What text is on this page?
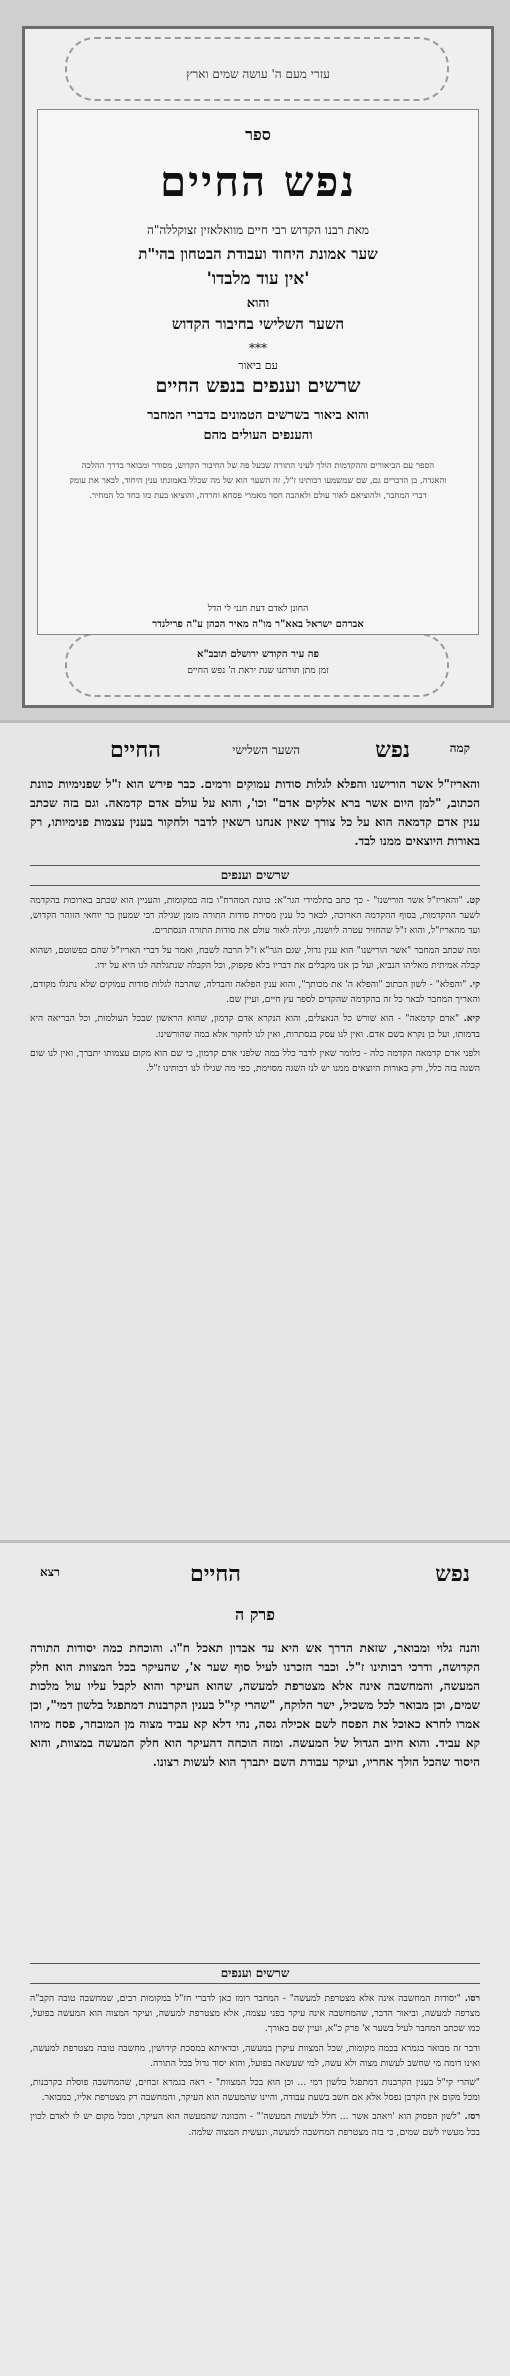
עזרי מעם ה' עושה שמים וארץ
ספר
נפש החיים
מאת רבנו הקדוש רבי חיים מוואלאזין זצוקללה"ה
שער אמונת היחוד ועבודת הבטחון בהי"ת
'אין עוד מלבדו'
והוא
השער השלישי בחיבור הקדוש
***
עם ביאור
שרשים וענפים בנפש החיים
והוא ביאור בשרשים הטמונים בדברי המחבר
והענפים העולים מהם
הספר עם הביאורים וההקדמות הולך לעיני התורה שבעל פה של החיבור הקדוש, מסודר ומבואר בדרך ההלכה והאגדה, בן הדברים גם, שם שמשמעו רבותינו ז"ל, זה השער הוא של מה שכלל באמונתו ענין היחוד, לבאר את עומק דברי המחבר, ולהוציאם לאור עולם ולאהבה חסד מאמרי פסחא וחרדה, והוציאו בעת כזו בחד כל המחיר.
החונן לאדם דעת חנני לי הדל
אברהם ישראל באא"ר מו"ה מאיר הכהן ע"ה פרילנדר
פה עיר הקודש ירושלם תובב"א
זמן מתן תורתנו שנת יראת ה' נפש החיים
קמה
נפש
השער השלישי
החיים
והאריז"ל אשר הורישנו והפלא לגלות סודות עמוקים ורמים. כבר פירש הוא ז"ל שפנימיות כוונת הכתוב, "למן היום אשר ברא אלקים אדם" וכו', והוא על עולם אדם קדמאה. וגם בזה שכתב ענין אדם קדמאה הוא על כל צורך שאין אנחנו רשאין לדבר ולחקור בענין עצמות פנימיותו, רק באורות היוצאים ממנו לבד.
שרשים וענפים

קט. "והאריז"ל אשר הורישנו" - כך כתב בתלמידי הגר"א: כוונת המהרח"ו בזה במקומות, והעניין הוא שכתב בארוכות בהקדמה לשער ההקדמות, בסוף ההקדמה הארוכה, לבאר כל ענין מסירת סודות התורה מזמן שגילה רבי שמעון בר יוחאי הזוהר הקדוש, ועד מהאריז"ל, והוא ז"ל שהחזיר עטרה ליושנה, וגילה לאור עולם את סודות התורה הנסתרים.

ומה שכתב המחבר "אשר הורישנו" הוא ענין גדול, שגם הגר"א ז"ל הרבה לשבח, ואמר על דברי האריז"ל שהם כפשוטם, ושהוא קבלה אמיתית מאליהו הנביא, ועל כן אנו מקבלים את דבריו בלא פקפוק, וכל הקבלה שנתגלתה לנו היא על ידו.

קי. "והפלא" - לשון הכתוב "והפלא ה' את מכותך", והוא ענין הפלאה והבדלה, שהרבה לגלות סודות עמוקים שלא נתגלו מקודם, והאריך המחבר לבאר כל זה בהקדמה שהקדים לספר עץ חיים, ועיין שם.

קיא. "אדם קדמאה" - הוא שורש כל הנאצלים, והוא הנקרא אדם קדמון, שהוא הראשון שבכל העולמות, וכל הבריאה היא בדמותו, ועל כן נקרא בשם אדם. ואין לנו עסק בנסתרות, ואין לנו לחקור אלא במה שהורשינו.

ולפני אדם קדמאה הקדמה כלה - כלומר שאין לדבר כלל במה שלפני אדם קדמון, כי שם הוא מקום עצמותו יתברך, ואין לנו שום השגה בזה כלל, ורק באורות היוצאים ממנו יש לנו השגה מסוימת, כפי מה שגילו לנו רבותינו ז"ל.

נפש
החיים
רצא
פרק ה
והנה גלוי ומבואר, שזאת הדרך אש היא עד אבדון תאכל ח"ו. והוכחת כמה יסודות התורה הקדושה, ודרכי רבותינו ז"ל. וכבר הזכרנו לעיל סוף שער א', שהעיקר בכל המצוות הוא חלק המעשה, והמחשבה אינה אלא מצטרפת למעשה, שהוא העיקר והוא לקבל עליו עול מלכות שמים, וכן מבואר לכל משכיל, ישר הלוקח, "שהרי קי"ל בענין הקרבנות דמתפגל בלשון דמי", וכן אמרו לחרא כאוכל את הפסח לשם אכילה גסה, נהי דלא קא עביד מצוה מן המובחר, פסח מיהו קא עביד. והוא חיוב הגדול של המעשה. ומזה הוכחה דהעיקר הוא חלק המעשה במצוות, והוא היסוד שהכל הולך אחריו, ועיקר עבודת השם יתברך הוא לעשות רצונו.
שרשים וענפים

רסו. "יסודות המחשבה אינה אלא מצטרפת למעשה" - המחבר רומז כאן לדברי חז"ל במקומות רבים, שמחשבה טובה הקב"ה מצרפה למעשה, וביאור הדבר, שהמחשבה אינה עיקר בפני עצמה, אלא מצטרפת למעשה, ועיקר המצוה הוא המעשה בפועל, כמו שכתב המחבר לעיל בשער א' פרק כ"א, ועיין שם באורך.

ודבר זה מבואר בגמרא בכמה מקומות, שכל המצוות עיקרן במעשה, וכדאיתא במסכת קידושין, מחשבה טובה מצטרפת למעשה, ואינו דומה מי שחשב לעשות מצוה ולא עשה, למי שעשאה בפועל, והוא יסוד גדול בכל התורה.

"שהרי קי"ל בענין הקרבנות דמתפגל בלשון דמי ... וכן הוא בכל המצוות" - ראה בגמרא זבחים, שהמחשבה פוסלת בקרבנות, ומכל מקום אין הקרבן נפסל אלא אם חשב בשעת עבודה, והיינו שהמעשה הוא העיקר, והמחשבה רק מצטרפת אליו, כמבואר.

רסז. "לשון הפסוק הוא 'ויאהב אשר ... חלל לעשות המעשה'" - והכוונה שהמעשה הוא העיקר, ומכל מקום יש לו לאדם לכוין בכל מעשיו לשם שמים, כי בזה מצטרפת המחשבה למעשה, ונעשית המצוה שלמה.
